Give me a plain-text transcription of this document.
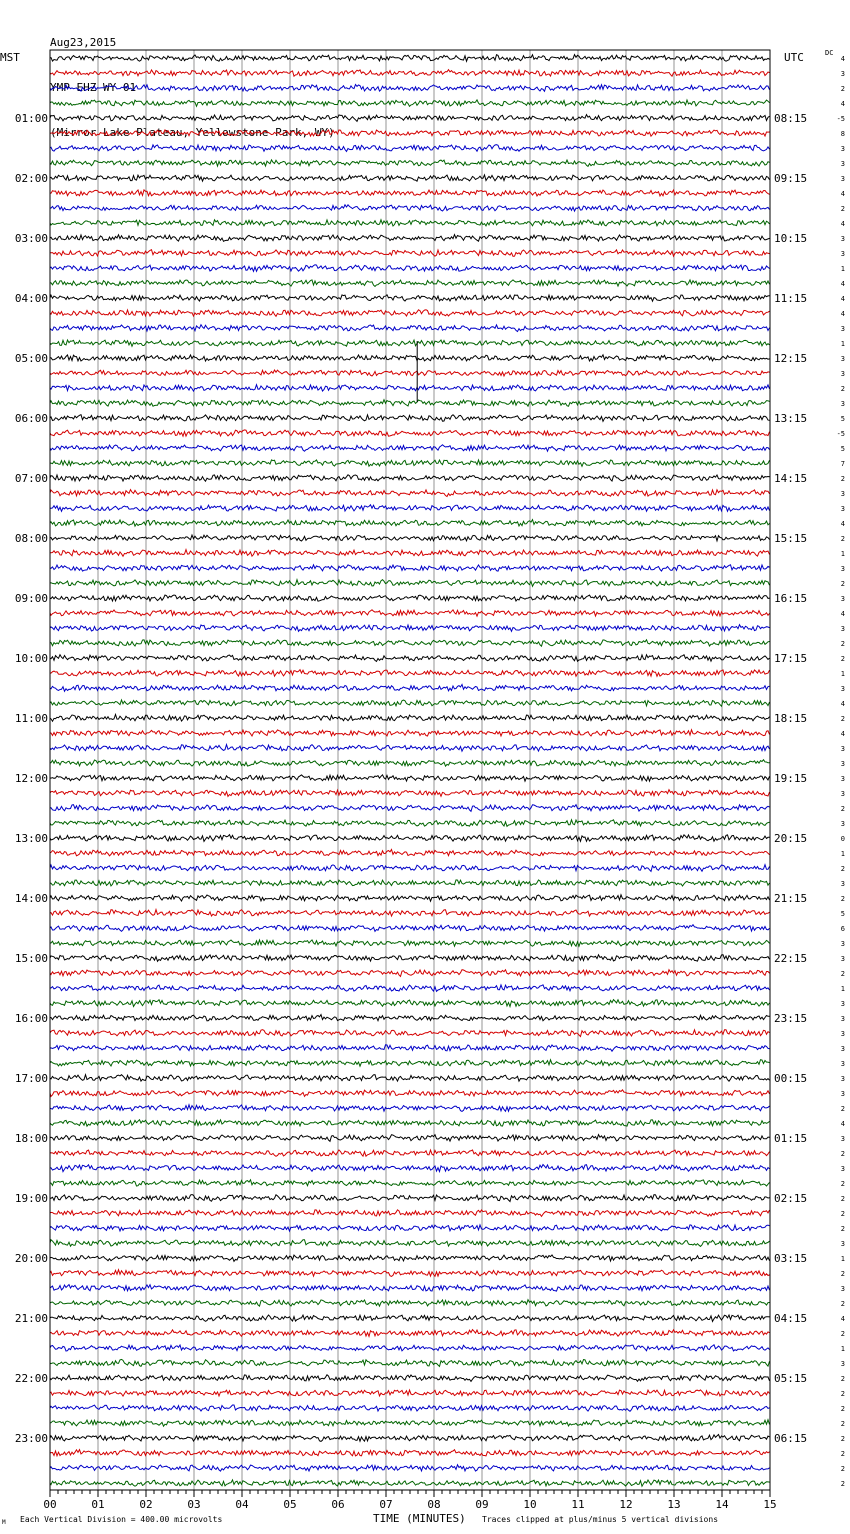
Aug23,2015

YMP EHZ WY 01

(Mirror Lake Plateau, Yellowstone Park, WY)

MST	UTC	DC
01:00
02:00
03:00
04:00
05:00
06:00
07:00
08:00
09:00
10:00
11:00
12:00
13:00
14:00
15:00
16:00
17:00
18:00
19:00
20:00
21:00
22:00
23:00
08:15
09:15
10:15
11:15
12:15
13:15
14:15
15:15
16:15
17:15
18:15
19:15
20:15
21:15
22:15
23:15
00:15
01:15
02:15
03:15
04:15
05:15
06:15
4
3
2
4
-5
8
3
3
3
4
2
4
3
3
1
4
4
4
3
1
3
3
2
3
5
-5
5
7
2
3
3
4
2
1
3
2
3
4
3
2
2
1
3
4
2
4
3
3
3
3
2
3
0
1
2
3
2
5
6
3
3
2
1
3
3
3
3
3
3
3
2
4
3
2
3
2
2
2
2
3
1
2
3
2
4
2
1
3
2
2
2
2
2
2
2
2
00	01	02	03	04	05	06	07	08	09	10	11	12	13	14	15
M Each Vertical Division = 400.00 microvolts	TIME (MINUTES) Traces clipped at plus/minus 5 vertical divisions
